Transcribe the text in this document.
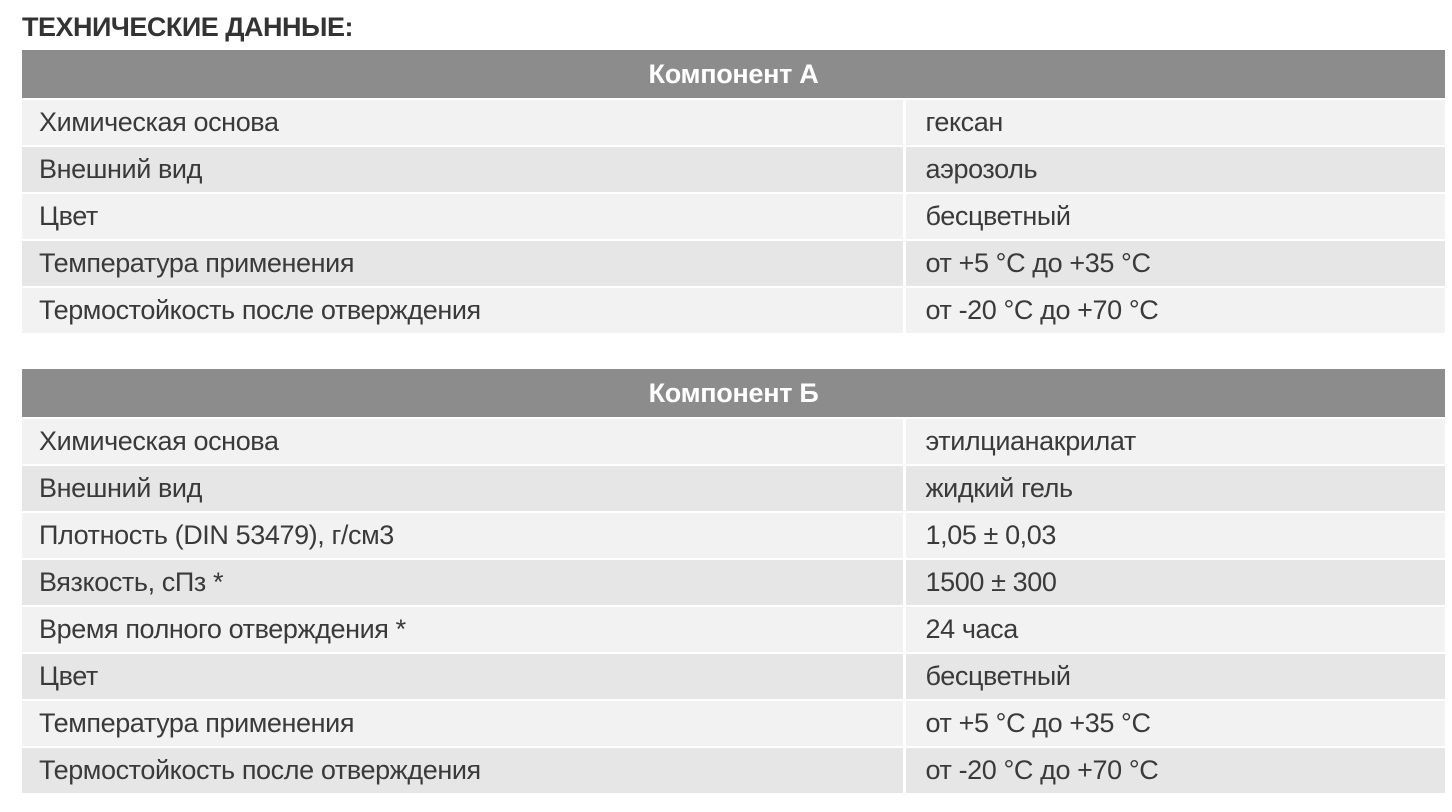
ТЕХНИЧЕСКИЕ ДАННЫЕ:
Компонент А	
Химическая основа	гексан
Внешний вид	аэрозоль
Цвет	бесцветный
Температура применения	от +5 °С до +35 °С
Термостойкость после отверждения	от -20 °С до +70 °С
Компонент Б	
Химическая основа	этилцианакрилат
Внешний вид	жидкий гель
Плотность (DIN 53479), г/см3	1,05 ± 0,03
Вязкость, сПз *	1500 ± 300
Время полного отверждения *	24 часа
Цвет	бесцветный
Температура применения	от +5 °С до +35 °С
Термостойкость после отверждения	от -20 °С до +70 °С
